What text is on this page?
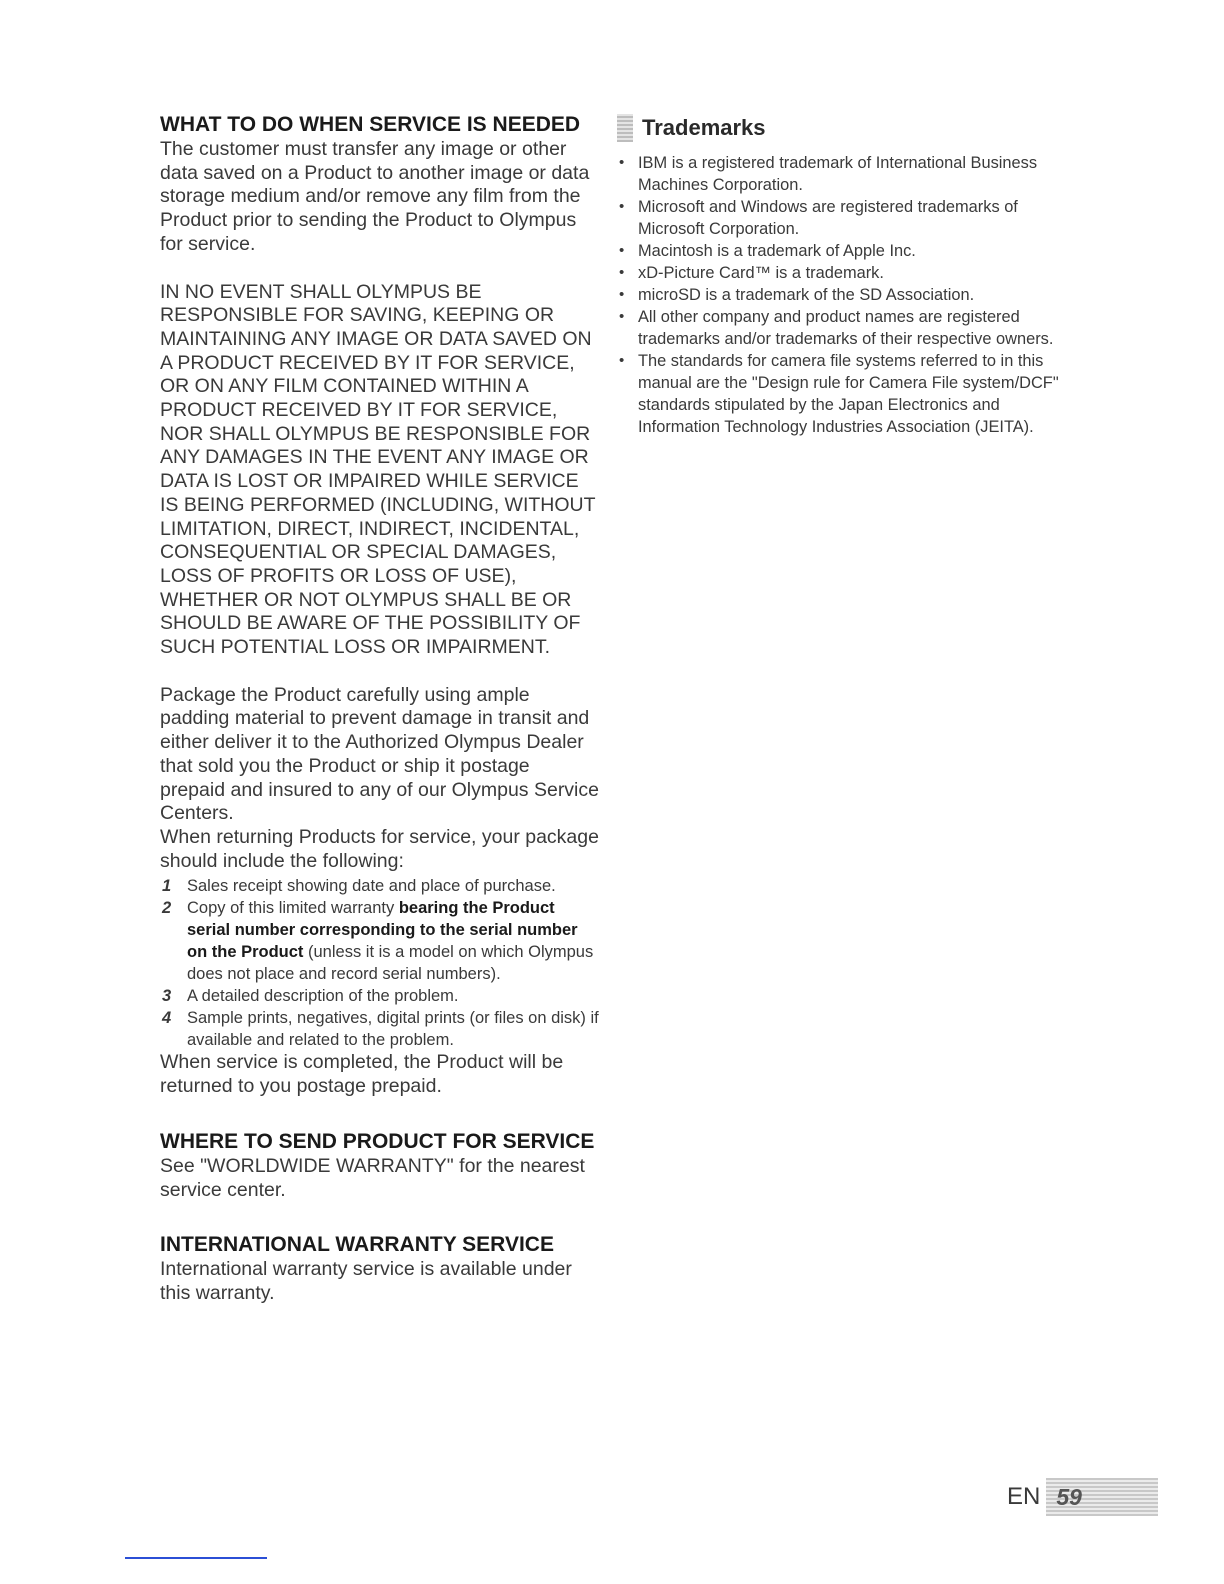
WHAT TO DO WHEN SERVICE IS NEEDED

The customer must transfer any image or other data saved on a Product to another image or data storage medium and/or remove any film from the Product prior to sending the Product to Olympus for service.

IN NO EVENT SHALL OLYMPUS BE RESPONSIBLE FOR SAVING, KEEPING OR MAINTAINING ANY IMAGE OR DATA SAVED ON A PRODUCT RECEIVED BY IT FOR SERVICE, OR ON ANY FILM CONTAINED WITHIN A PRODUCT RECEIVED BY IT FOR SERVICE, NOR SHALL OLYMPUS BE RESPONSIBLE FOR ANY DAMAGES IN THE EVENT ANY IMAGE OR DATA IS LOST OR IMPAIRED WHILE SERVICE IS BEING PERFORMED (INCLUDING, WITHOUT LIMITATION, DIRECT, INDIRECT, INCIDENTAL, CONSEQUENTIAL OR SPECIAL DAMAGES, LOSS OF PROFITS OR LOSS OF USE), WHETHER OR NOT OLYMPUS SHALL BE OR SHOULD BE AWARE OF THE POSSIBILITY OF SUCH POTENTIAL LOSS OR IMPAIRMENT.

Package the Product carefully using ample padding material to prevent damage in transit and either deliver it to the Authorized Olympus Dealer that sold you the Product or ship it postage prepaid and insured to any of our Olympus Service Centers.

When returning Products for service, your package should include the following:

1 Sales receipt showing date and place of purchase.
2 Copy of this limited warranty bearing the Product serial number corresponding to the serial number on the Product (unless it is a model on which Olympus does not place and record serial numbers).
3 A detailed description of the problem.
4 Sample prints, negatives, digital prints (or files on disk) if available and related to the problem.

When service is completed, the Product will be returned to you postage prepaid.

WHERE TO SEND PRODUCT FOR SERVICE

See "WORLDWIDE WARRANTY" for the nearest service center.

INTERNATIONAL WARRANTY SERVICE

International warranty service is available under this warranty.

Trademarks
• IBM is a registered trademark of International Business Machines Corporation.
• Microsoft and Windows are registered trademarks of Microsoft Corporation.
• Macintosh is a trademark of Apple Inc.
• xD-Picture Card™ is a trademark.
• microSD is a trademark of the SD Association.
• All other company and product names are registered trademarks and/or trademarks of their respective owners.
• The standards for camera file systems referred to in this manual are the "Design rule for Camera File system/DCF" standards stipulated by the Japan Electronics and Information Technology Industries Association (JEITA).
EN 59
